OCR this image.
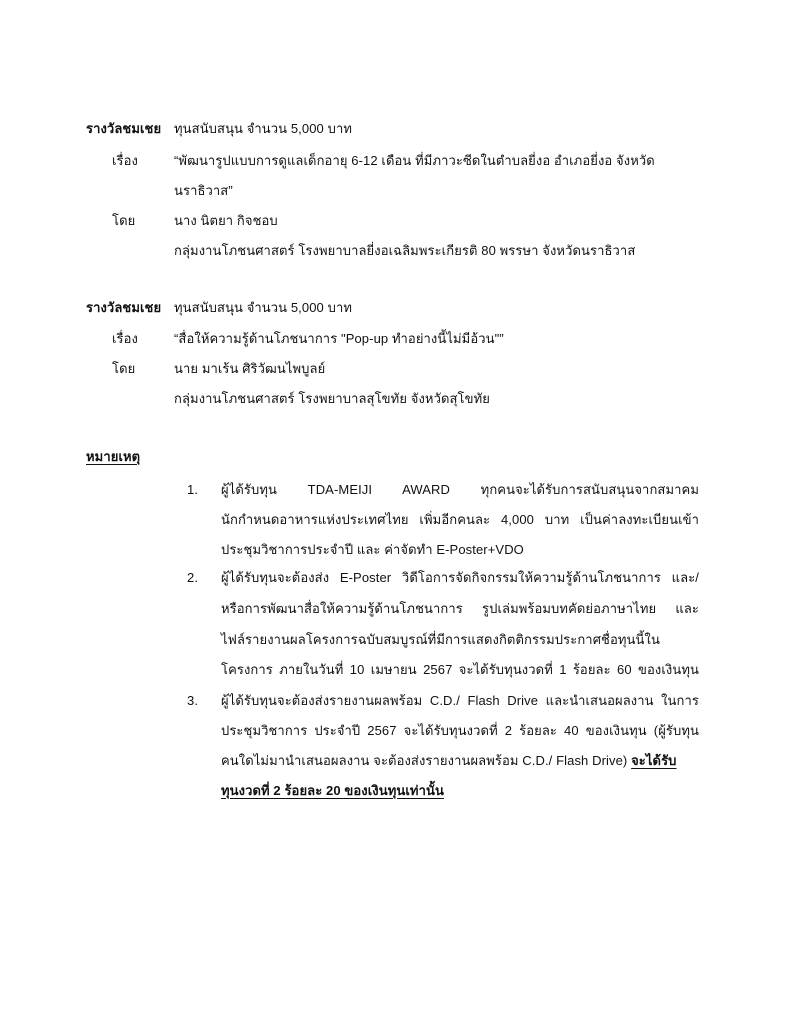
รางวัลชมเชย ทุนสนับสนุน จำนวน 5,000 บาท
เรื่อง	“พัฒนารูปแบบการดูแลเด็กอายุ 6-12 เดือน ที่มีภาวะซีดในตำบลยี่งอ อำเภอยี่งอ จังหวัด
นราธิวาส”
โดย	นาง นิตยา กิจชอบ
กลุ่มงานโภชนศาสตร์ โรงพยาบาลยี่งอเฉลิมพระเกียรติ 80 พรรษา จังหวัดนราธิวาส
รางวัลชมเชย ทุนสนับสนุน จำนวน 5,000 บาท
เรื่อง	“สื่อให้ความรู้ด้านโภชนาการ "Pop-up ทำอย่างนี้ไม่มีอ้วน"”
โดย	นาย มาเร้น ศิริวัฒนไพบูลย์
กลุ่มงานโภชนศาสตร์ โรงพยาบาลสุโขทัย จังหวัดสุโขทัย
หมายเหตุ
1. ผู้ได้รับทุน TDA-MEIJI AWARD ทุกคนจะได้รับการสนับสนุนจากสมาคม
นักกำหนดอาหารแห่งประเทศไทย เพิ่มอีกคนละ 4,000 บาท เป็นค่าลงทะเบียนเข้า
ประชุมวิชาการประจำปี และ ค่าจัดทำ E-Poster+VDO
2. ผู้ได้รับทุนจะต้องส่ง E-Poster วิดีโอการจัดกิจกรรมให้ความรู้ด้านโภชนาการ และ/
หรือการพัฒนาสื่อให้ความรู้ด้านโภชนาการ รูปเล่มพร้อมบทคัดย่อภาษาไทย และ
ไฟล์รายงานผลโครงการฉบับสมบูรณ์ที่มีการแสดงกิตติกรรมประกาศชื่อทุนนี้ใน
โครงการ ภายในวันที่ 10 เมษายน 2567 จะได้รับทุนงวดที่ 1 ร้อยละ 60 ของเงินทุน
3. ผู้ได้รับทุนจะต้องส่งรายงานผลพร้อม C.D./ Flash Drive และนำเสนอผลงาน ในการ
ประชุมวิชาการ ประจำปี 2567 จะได้รับทุนงวดที่ 2 ร้อยละ 40 ของเงินทุน (ผู้รับทุน
คนใดไม่มานำเสนอผลงาน จะต้องส่งรายงานผลพร้อม C.D./ Flash Drive) จะได้รับ
ทุนงวดที่ 2 ร้อยละ 20 ของเงินทุนเท่านั้น
